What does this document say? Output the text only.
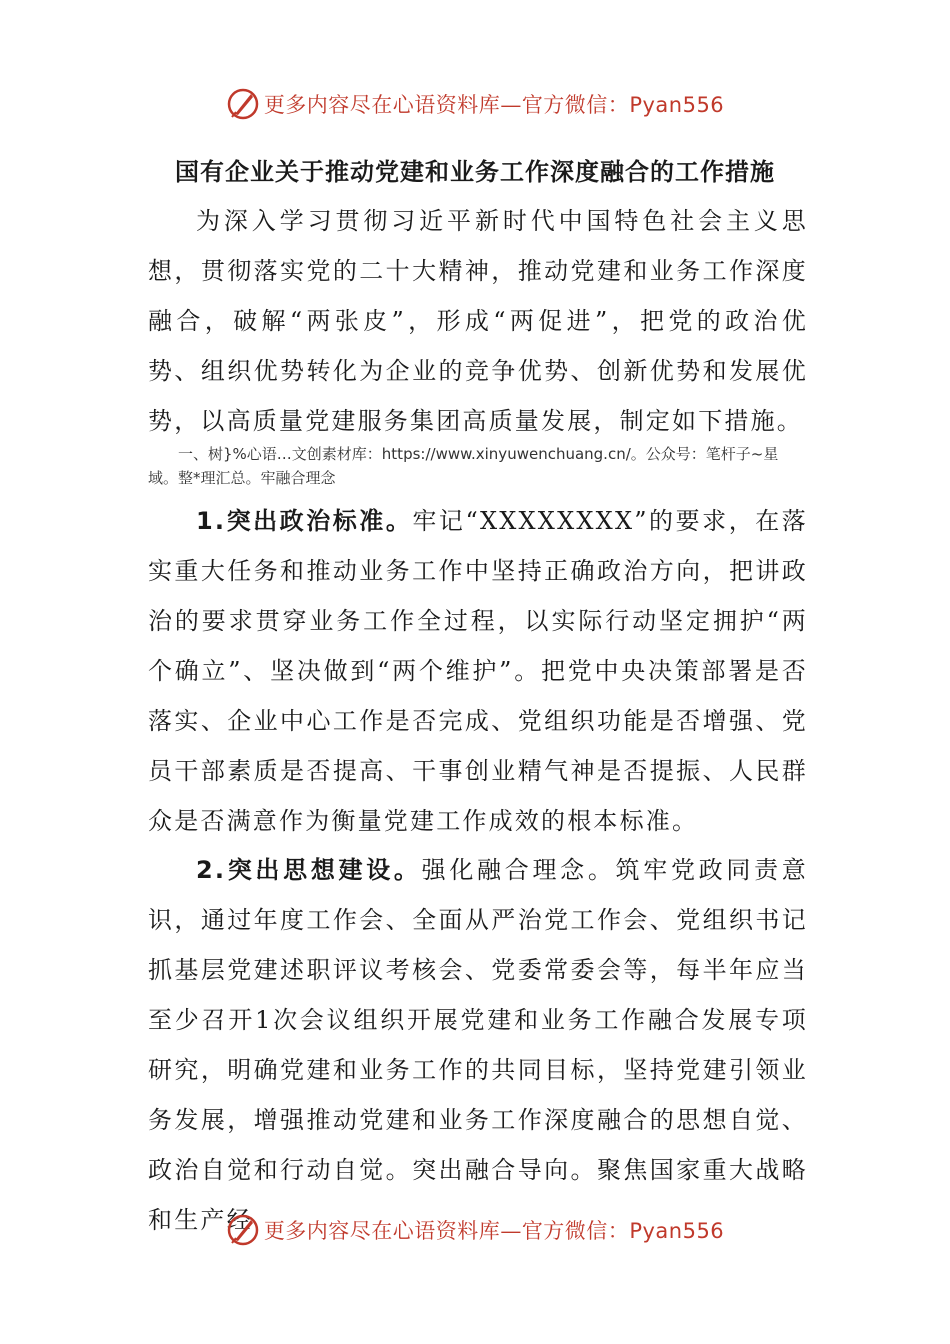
更多内容尽在心语资料库—官方微信：Pyan556
国有企业关于推动党建和业务工作深度融合的工作措施

为深入学习贯彻习近平新时代中国特色社会主义思想，贯彻落实党的二十大精神，推动党建和业务工作深度融合，破解“两张皮”，形成“两促进”，把党的政治优势、组织优势转化为企业的竞争优势、创新优势和发展优势，以高质量党建服务集团高质量发展，制定如下措施。

一、树}%心语…文创素材库：https://www.xinyuwenchuang.cn/。公众号：笔杆子~星域。整*理汇总。牢融合理念

1.突出政治标准。牢记“XXXXXXXX”的要求，在落实重大任务和推动业务工作中坚持正确政治方向，把讲政治的要求贯穿业务工作全过程，以实际行动坚定拥护“两个确立”、坚决做到“两个维护”。把党中央决策部署是否落实、企业中心工作是否完成、党组织功能是否增强、党员干部素质是否提高、干事创业精气神是否提振、人民群众是否满意作为衡量党建工作成效的根本标准。

2.突出思想建设。强化融合理念。筑牢党政同责意识，通过年度工作会、全面从严治党工作会、党组织书记抓基层党建述职评议考核会、党委常委会等，每半年应当至少召开1次会议组织开展党建和业务工作融合发展专项研究，明确党建和业务工作的共同目标，坚持党建引领业务发展，增强推动党建和业务工作深度融合的思想自觉、政治自觉和行动自觉。突出融合导向。聚焦国家重大战略和生产经 更多内容尽在心语资料库—官方微信：Pyan556
